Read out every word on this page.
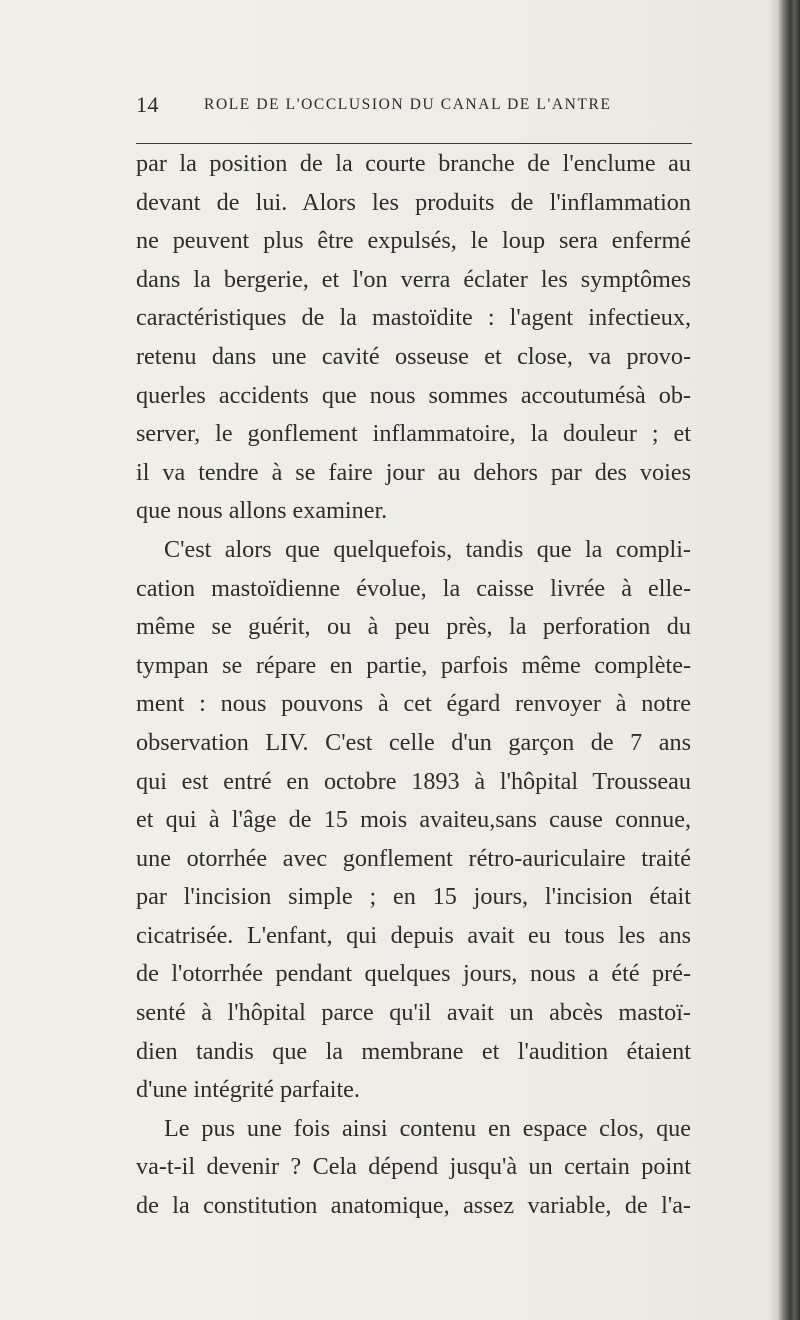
14	ROLE DE L'OCCLUSION DU CANAL DE L'ANTRE
par la position de la courte branche de l'enclume au
devant de lui. Alors les produits de l'inflammation
ne peuvent plus être expulsés, le loup sera enfermé
dans la bergerie, et l'on verra éclater les symptômes
caractéristiques de la mastoïdite : l'agent infectieux,
retenu dans une cavité osseuse et close, va provo-
querles accidents que nous sommes accoutumésà ob-
server, le gonflement inflammatoire, la douleur ; et
il va tendre à se faire jour au dehors par des voies
que nous allons examiner.
C'est alors que quelquefois, tandis que la compli-
cation mastoïdienne évolue, la caisse livrée à elle-
même se guérit, ou à peu près, la perforation du
tympan se répare en partie, parfois même complète-
ment : nous pouvons à cet égard renvoyer à notre
observation LIV. C'est celle d'un garçon de 7 ans
qui est entré en octobre 1893 à l'hôpital Trousseau
et qui à l'âge de 15 mois avaiteu,sans cause connue,
une otorrhée avec gonflement rétro-auriculaire traité
par l'incision simple ; en 15 jours, l'incision était
cicatrisée. L'enfant, qui depuis avait eu tous les ans
de l'otorrhée pendant quelques jours, nous a été pré-
senté à l'hôpital parce qu'il avait un abcès mastoï-
dien tandis que la membrane et l'audition étaient
d'une intégrité parfaite.
Le pus une fois ainsi contenu en espace clos, que
va-t-il devenir ? Cela dépend jusqu'à un certain point
de la constitution anatomique, assez variable, de l'a-
